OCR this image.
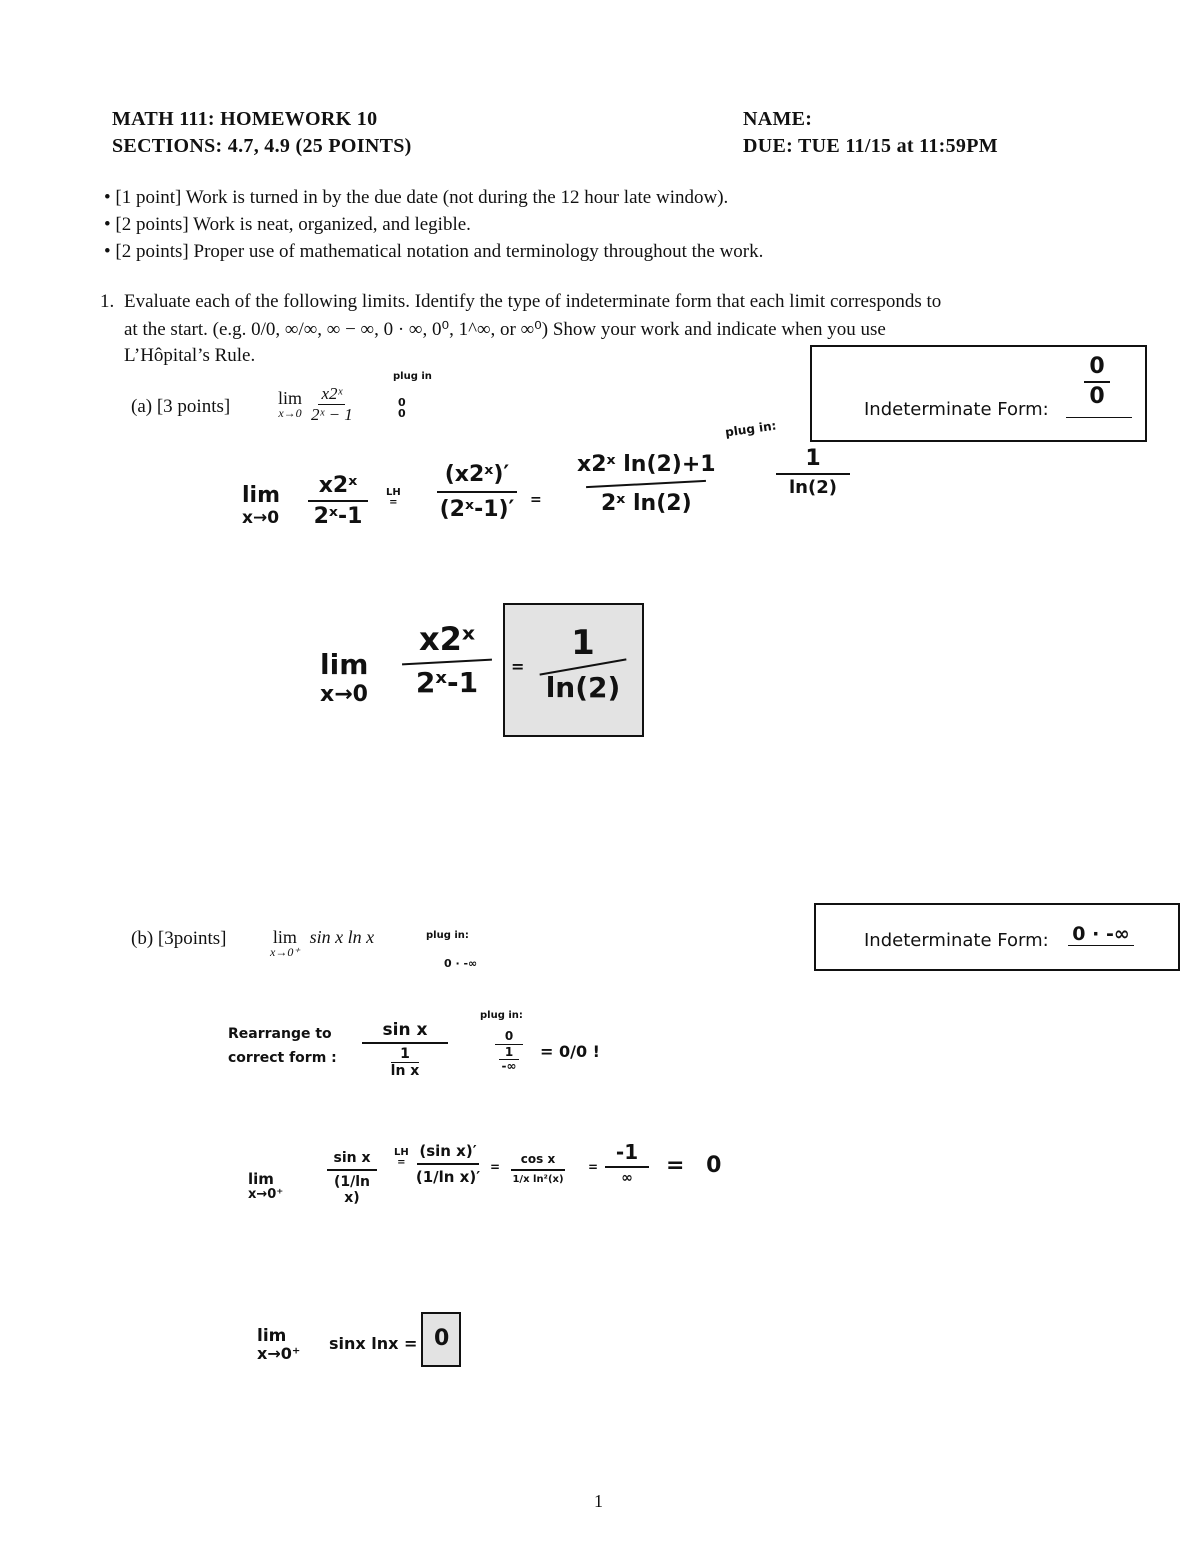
MATH 111: HOMEWORK 10
SECTIONS: 4.7, 4.9 (25 POINTS)
NAME:
DUE: TUE 11/15 at 11:59PM
• [1 point] Work is turned in by the due date (not during the 12 hour late window).
• [2 points] Work is neat, organized, and legible.
• [2 points] Proper use of mathematical notation and terminology throughout the work.
1. Evaluate each of the following limits. Identify the type of indeterminate form that each limit corresponds to
at the start. (e.g. 0/0, ∞/∞, ∞ − ∞, 0 · ∞, 0⁰, 1^∞, or ∞⁰) Show your work and indicate when you use
L’Hôpital’s Rule.
(a) [3 points]	lim
$x\to 0 \frac{\text{x2ˣ}}{\text{2ˣ − 1}}$
plug in
0
0	Indeterminate Form:
0
0
lim
x→0
x2ˣ
2ˣ-1
LH
=
(x2ˣ)′
(2ˣ-1)′ =
x2ˣ ln(2)+1
2ˣ ln(2)
plug in:
1
ln(2)
lim
x→0
x2ˣ
2ˣ-1	=
1
ln(2)
(b) [3points]	lim
x→0⁺
sin x ln x	plug in:
0 · -∞
Indeterminate Form: 0 · -∞
Rearrange to
correct form :
sin x
1
ln x
plug in:
0
1
-∞
= 0/0 !
lim
x→0⁺
sin x
(1/ln x)
LH
=
(sin x)′
(1/ln x)′
=
cos x
1/x ln²(x)
=
-1
∞	= 0
lim
x→0⁺
sinx lnx = 0
1
